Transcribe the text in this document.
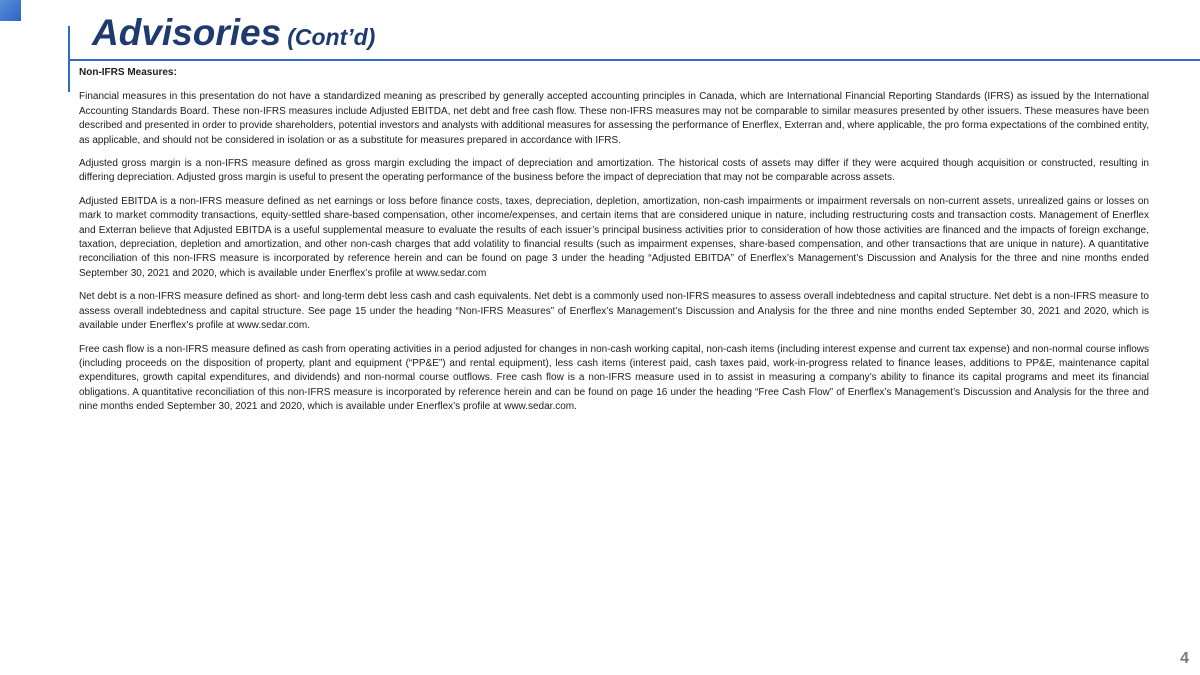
Advisories (Cont’d)
Non-IFRS Measures:

Financial measures in this presentation do not have a standardized meaning as prescribed by generally accepted accounting principles in Canada, which are International Financial Reporting Standards (IFRS) as issued by the International Accounting Standards Board. These non-IFRS measures include Adjusted EBITDA, net debt and free cash flow. These non-IFRS measures may not be comparable to similar measures presented by other issuers. These measures have been described and presented in order to provide shareholders, potential investors and analysts with additional measures for assessing the performance of Enerflex, Exterran and, where applicable, the pro forma expectations of the combined entity, as applicable, and should not be considered in isolation or as a substitute for measures prepared in accordance with IFRS.

Adjusted gross margin is a non-IFRS measure defined as gross margin excluding the impact of depreciation and amortization. The historical costs of assets may differ if they were acquired though acquisition or constructed, resulting in differing depreciation. Adjusted gross margin is useful to present the operating performance of the business before the impact of depreciation that may not be comparable across assets.

Adjusted EBITDA is a non-IFRS measure defined as net earnings or loss before finance costs, taxes, depreciation, depletion, amortization, non-cash impairments or impairment reversals on non-current assets, unrealized gains or losses on mark to market commodity transactions, equity-settled share-based compensation, other income/expenses, and certain items that are considered unique in nature, including restructuring costs and transaction costs. Management of Enerflex and Exterran believe that Adjusted EBITDA is a useful supplemental measure to evaluate the results of each issuer’s principal business activities prior to consideration of how those activities are financed and the impacts of foreign exchange, taxation, depreciation, depletion and amortization, and other non-cash charges that add volatility to financial results (such as impairment expenses, share-based compensation, and other transactions that are unique in nature). A quantitative reconciliation of this non-IFRS measure is incorporated by reference herein and can be found on page 3 under the heading “Adjusted EBITDA” of Enerflex’s Management’s Discussion and Analysis for the three and nine months ended September 30, 2021 and 2020, which is available under Enerflex’s profile at www.sedar.com

Net debt is a non-IFRS measure defined as short- and long-term debt less cash and cash equivalents. Net debt is a commonly used non-IFRS measures to assess overall indebtedness and capital structure. Net debt is a non-IFRS measure to assess overall indebtedness and capital structure. See page 15 under the heading “Non-IFRS Measures” of Enerflex’s Management’s Discussion and Analysis for the three and nine months ended September 30, 2021 and 2020, which is available under Enerflex’s profile at www.sedar.com.

Free cash flow is a non-IFRS measure defined as cash from operating activities in a period adjusted for changes in non-cash working capital, non-cash items (including interest expense and current tax expense) and non-normal course inflows (including proceeds on the disposition of property, plant and equipment (“PP&E”) and rental equipment), less cash items (interest paid, cash taxes paid, work-in-progress related to finance leases, additions to PP&E, maintenance capital expenditures, growth capital expenditures, and dividends) and non-normal course outflows. Free cash flow is a non-IFRS measure used in to assist in measuring a company’s ability to finance its capital programs and meet its financial obligations. A quantitative reconciliation of this non-IFRS measure is incorporated by reference herein and can be found on page 16 under the heading “Free Cash Flow” of Enerflex’s Management’s Discussion and Analysis for the three and nine months ended September 30, 2021 and 2020, which is available under Enerflex’s profile at www.sedar.com.

4
